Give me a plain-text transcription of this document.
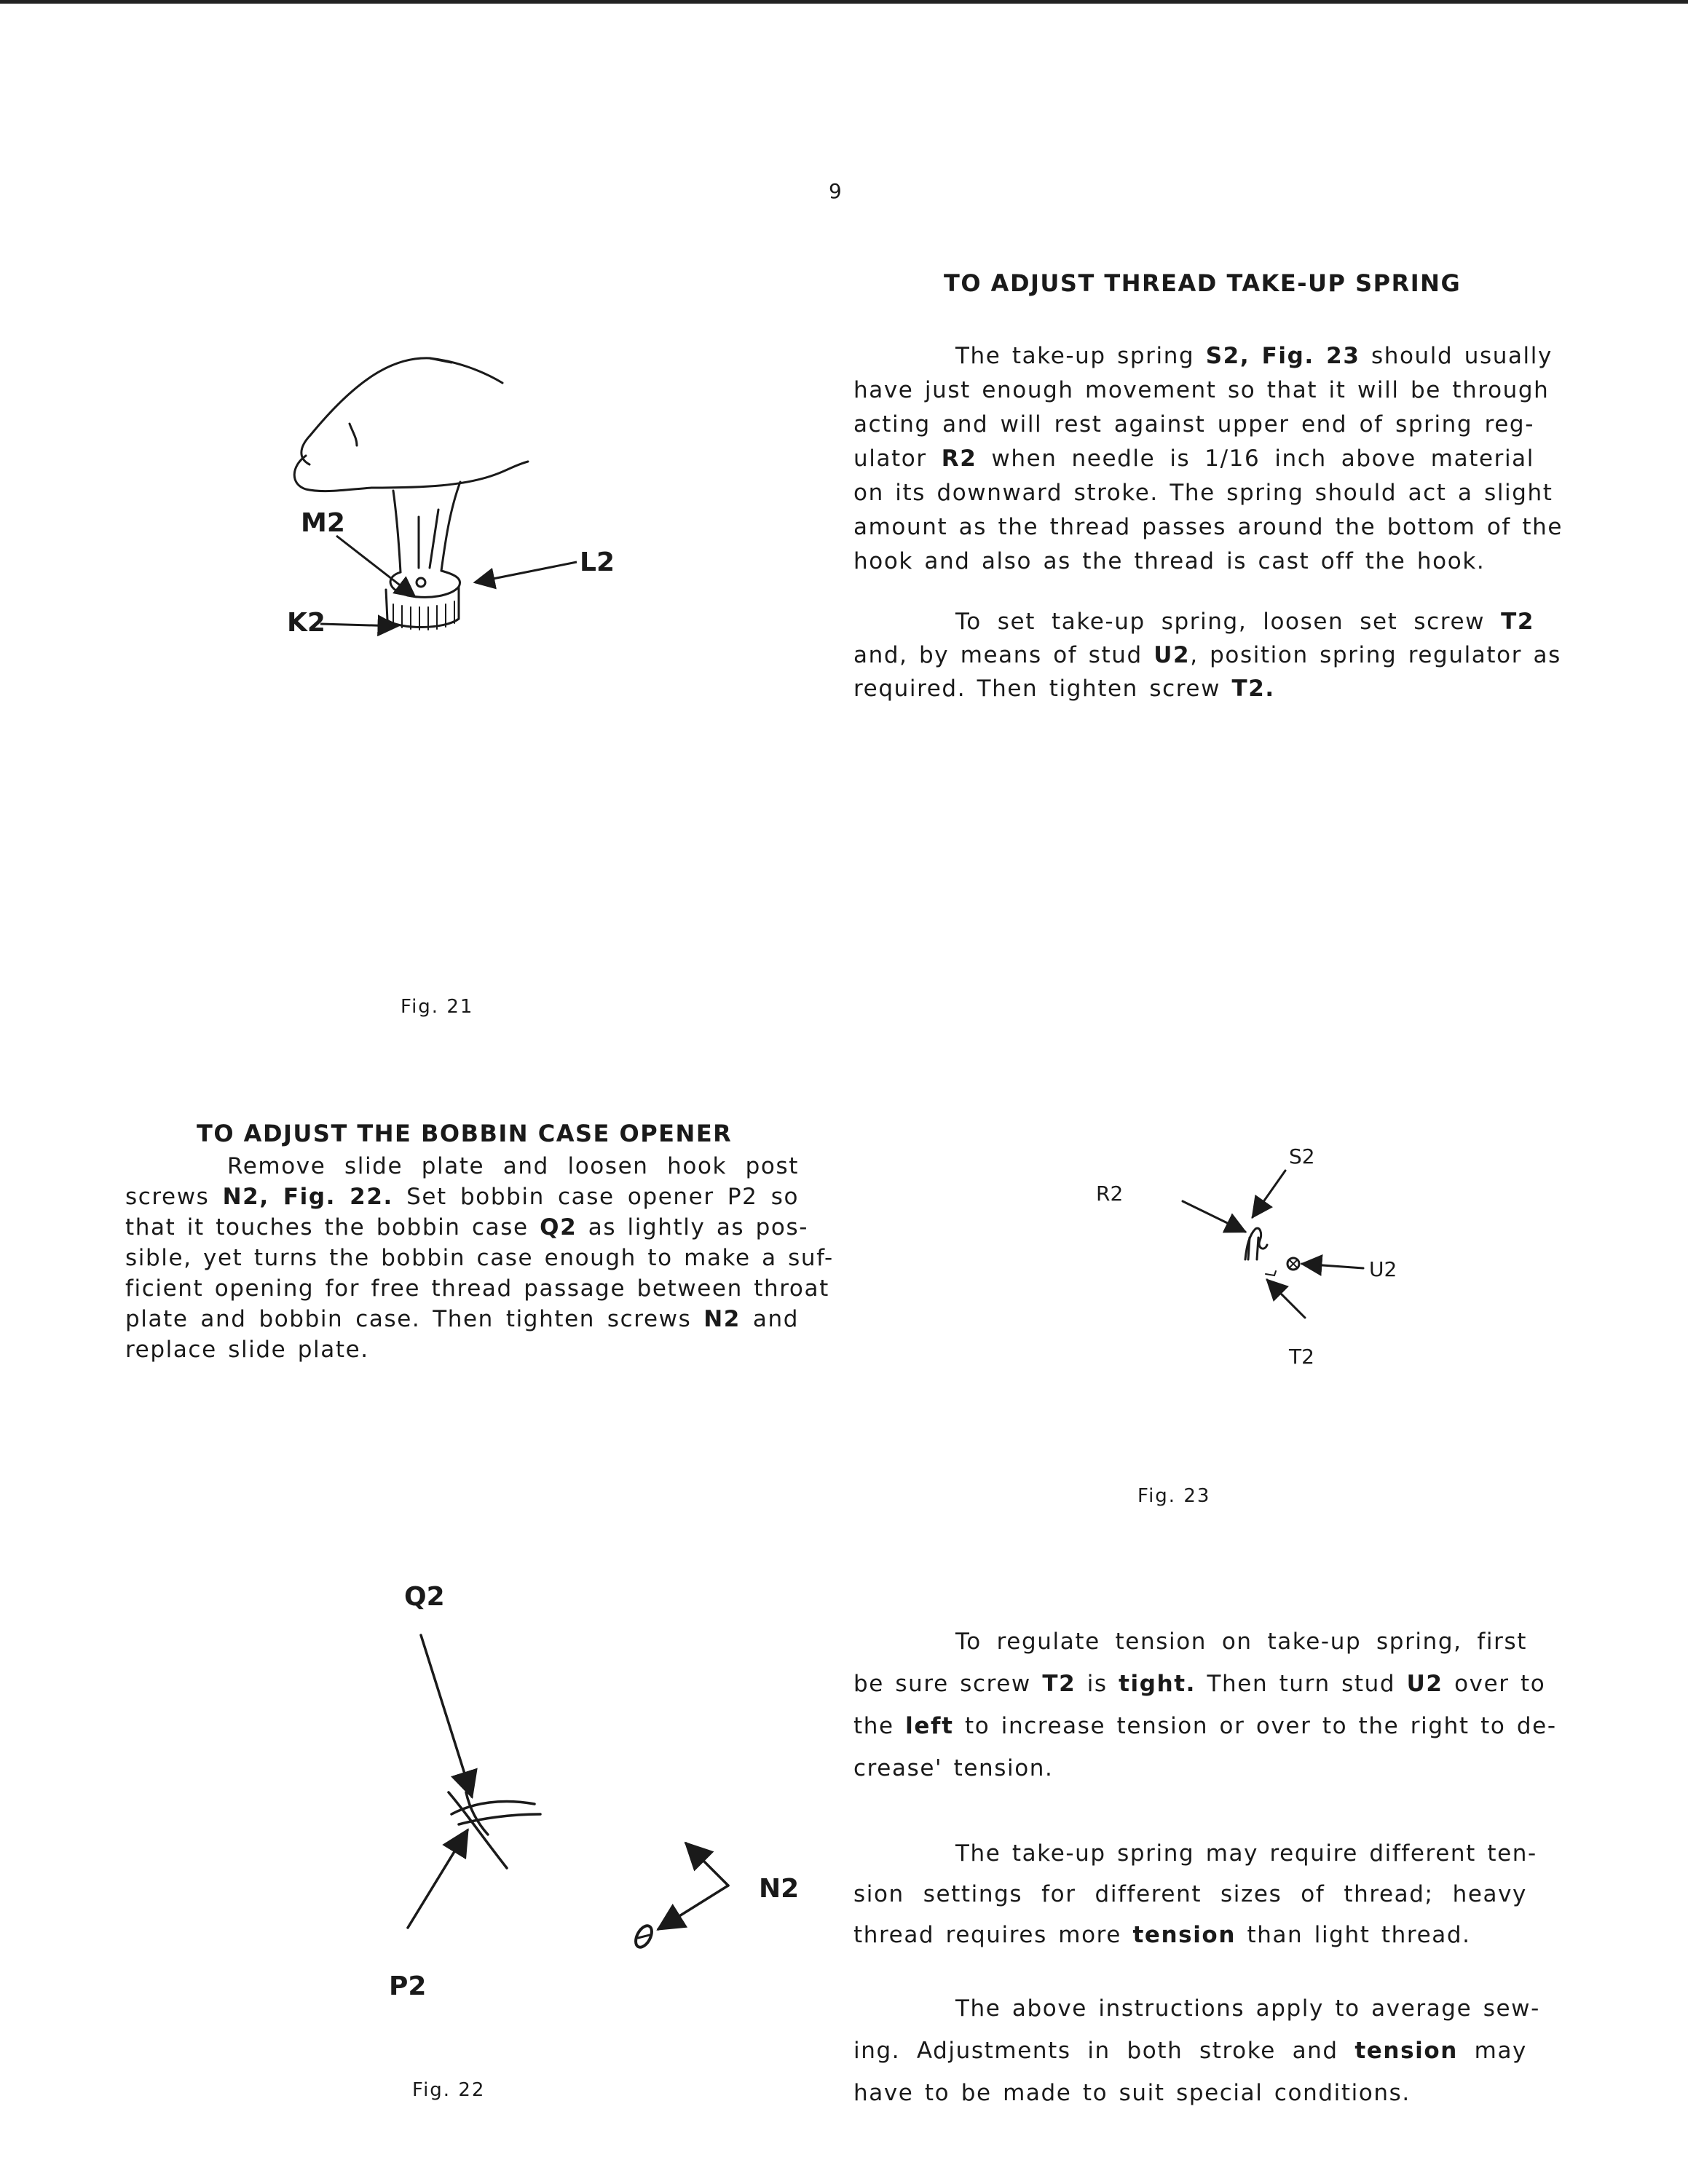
9
TO ADJUST THREAD TAKE-UP SPRING
The take-up spring S2, Fig. 23 should usually
have just enough movement so that it will be through
acting and will rest against upper end of spring reg-
ulator R2 when needle is 1/16 inch above material
on its downward stroke. The spring should act a slight
amount as the thread passes around the bottom of the
hook and also as the thread is cast off the hook.
To set take-up spring, loosen set screw T2
and, by means of stud U2, position spring regulator as
required. Then tighten screw T2.
M2
L2
K2
Fig. 21
TO ADJUST THE BOBBIN CASE OPENER
Remove slide plate and loosen hook post
screws N2, Fig. 22. Set bobbin case opener P2 so
that it touches the bobbin case Q2 as lightly as pos-
sible, yet turns the bobbin case enough to make a suf-
ficient opening for free thread passage between throat
plate and bobbin case. Then tighten screws N2 and
replace slide plate.
S2
R2
U2
T2
Fig. 23
Q2
P2
N2
Fig. 22
To regulate tension on take-up spring, first
be sure screw T2 is tight. Then turn stud U2 over to
the left to increase tension or over to the right to de-
crease' tension.
The take-up spring may require different ten-
sion settings for different sizes of thread; heavy
thread requires more tension than light thread.
The above instructions apply to average sew-
ing. Adjustments in both stroke and tension may
have to be made to suit special conditions.
